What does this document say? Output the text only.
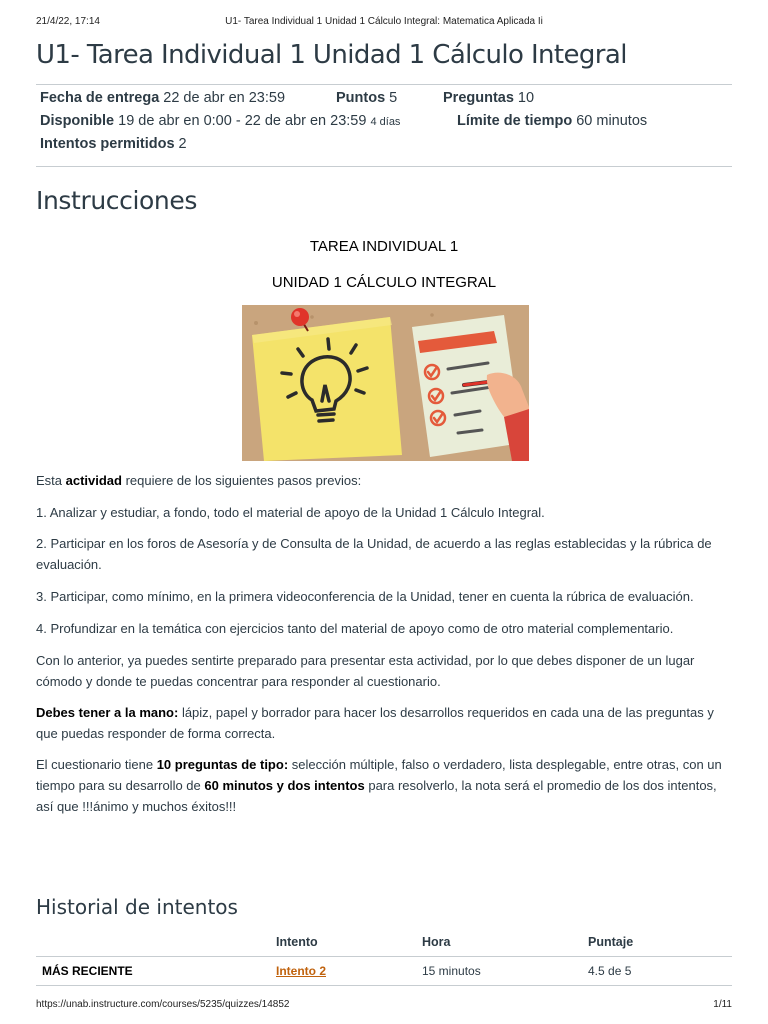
21/4/22, 17:14	U1- Tarea Individual 1 Unidad 1 Cálculo Integral: Matematica Aplicada Ii
U1- Tarea Individual 1 Unidad 1 Cálculo Integral
Fecha de entrega 22 de abr en 23:59	Puntos 5	Preguntas 10
Disponible 19 de abr en 0:00 - 22 de abr en 23:59 4 días	Límite de tiempo 60 minutos
Intentos permitidos 2
Instrucciones
TAREA INDIVIDUAL 1
UNIDAD 1 CÁLCULO INTEGRAL

Esta actividad requiere de los siguientes pasos previos:

1. Analizar y estudiar, a fondo, todo el material de apoyo de la Unidad 1 Cálculo Integral.

2. Participar en los foros de Asesoría y de Consulta de la Unidad, de acuerdo a las reglas establecidas y la rúbrica de evaluación.

3. Participar, como mínimo, en la primera videoconferencia de la Unidad, tener en cuenta la rúbrica de evaluación.

4. Profundizar en la temática con ejercicios tanto del material de apoyo como de otro material complementario.

Con lo anterior, ya puedes sentirte preparado para presentar esta actividad, por lo que debes disponer de un lugar cómodo y donde te puedas concentrar para responder al cuestionario.

Debes tener a la mano: lápiz, papel y borrador para hacer los desarrollos requeridos en cada una de las preguntas y que puedas responder de forma correcta.

El cuestionario tiene 10 preguntas de tipo: selección múltiple, falso o verdadero, lista desplegable, entre otras, con un tiempo para su desarrollo de 60 minutos y dos intentos para resolverlo, la nota será el promedio de los dos intentos, así que !!!ánimo y muchos éxitos!!!

Historial de intentos
	Intento	Hora	Puntaje
MÁS RECIENTE	Intento 2	15 minutos	4.5 de 5
https://unab.instructure.com/courses/5235/quizzes/14852	1/11
